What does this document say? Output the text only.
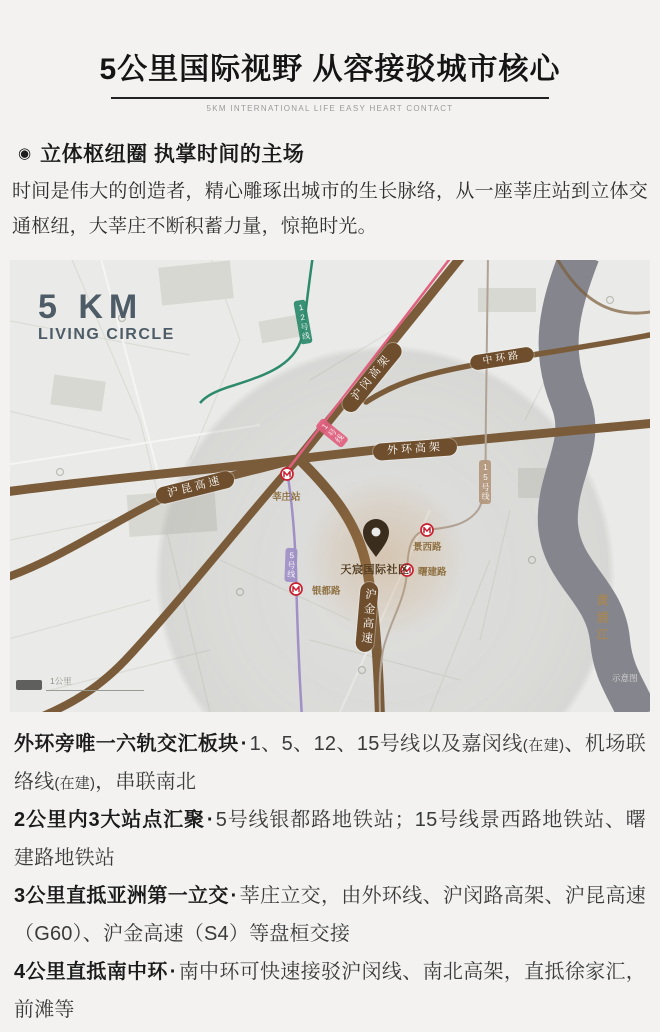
5公里国际视野 从容接驳城市核心
5KM INTERNATIONAL LIFE EASY HEART CONTACT
◉ 立体枢纽圈 执掌时间的主场
时间是伟大的创造者，精心雕琢出城市的生长脉络，从一座莘庄站到立体交通枢纽，大莘庄不断积蓄力量，惊艳时光。
5 KM
LIVING CIRCLE
中环路
外环高架
沪闵高架
沪昆高速
沪金高速
12号线
1号线
5号线
15号线
莘庄站
银都路
景西路
曙建路
天宸国际社区
黄浦江
示意图
1公里

外环旁唯一六轨交汇板块 · 1、5、12、15号线以及嘉闵线(在建)、机场联络线(在建)，串联南北

2公里内3大站点汇聚 · 5号线银都路地铁站；15号线景西路地铁站、曙建路地铁站

3公里直抵亚洲第一立交 · 莘庄立交，由外环线、沪闵路高架、沪昆高速（G60）、沪金高速（S4）等盘桓交接

4公里直抵南中环 · 南中环可快速接驳沪闵线、南北高架，直抵徐家汇，前滩等
